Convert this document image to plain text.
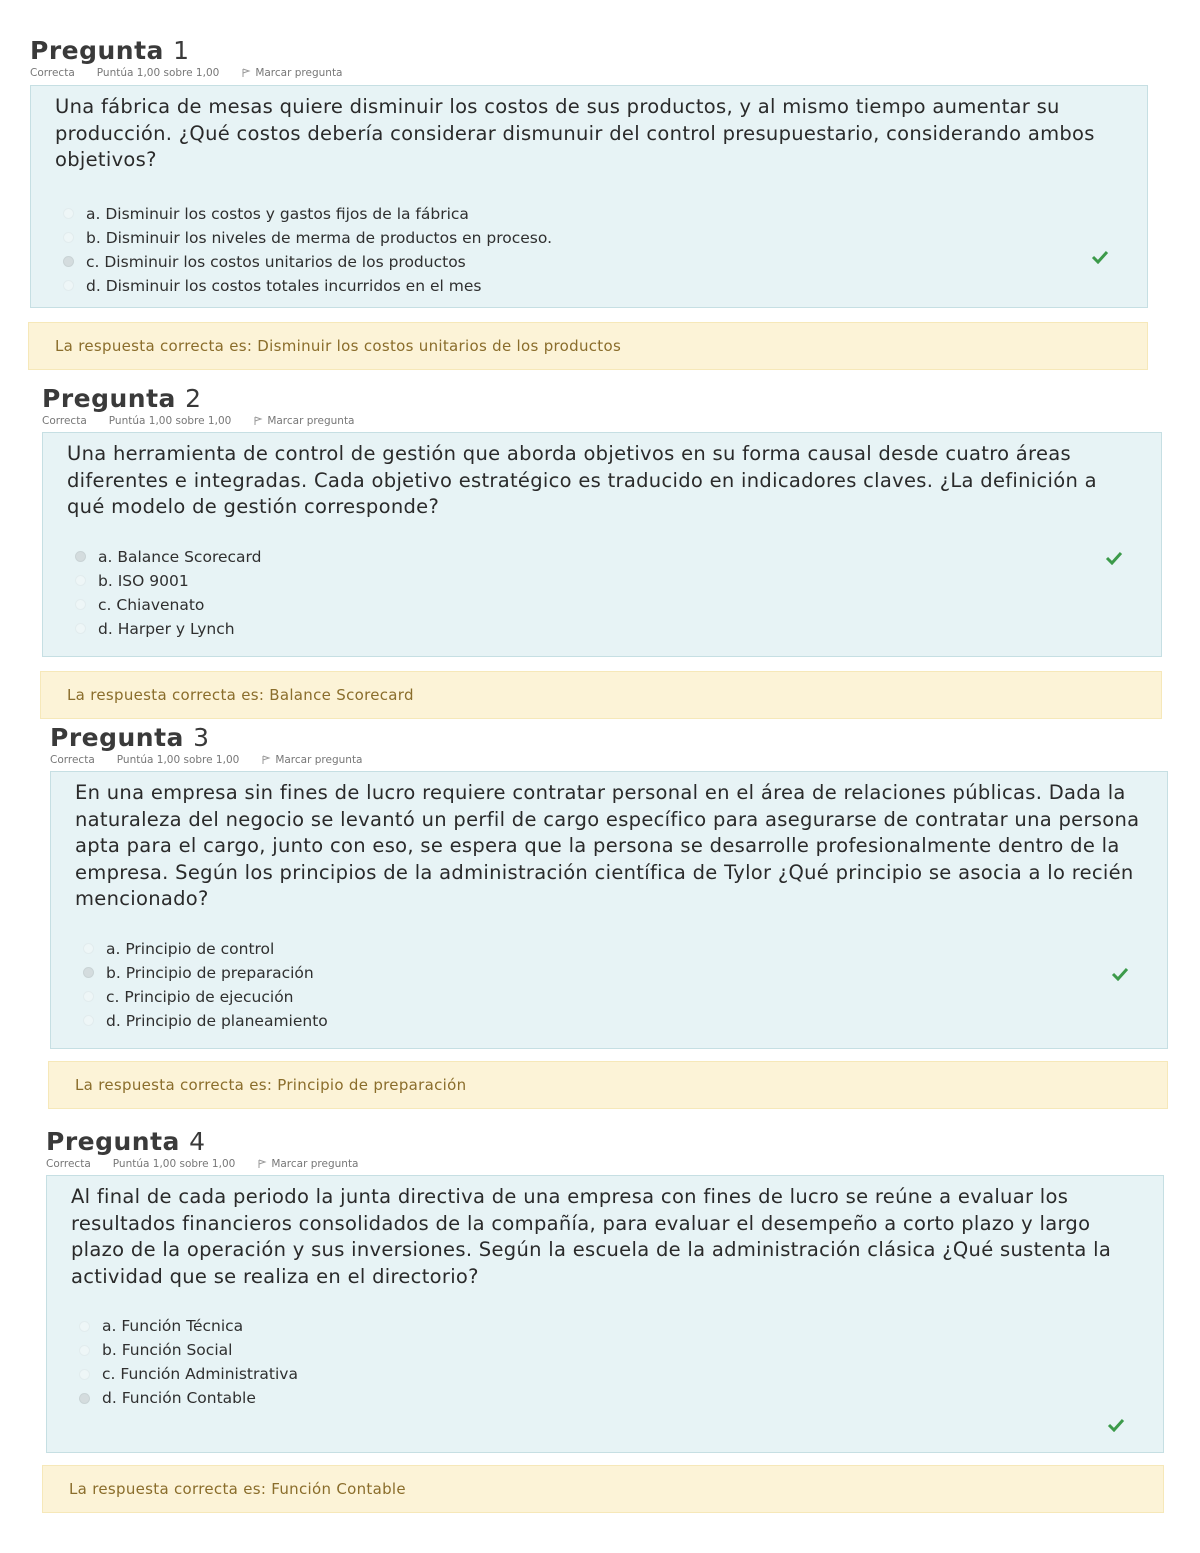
Pregunta 1
Correcta Puntúa 1,00 sobre 1,00	Marcar pregunta
Una fábrica de mesas quiere disminuir los costos de sus productos, y al mismo tiempo aumentar su producción. ¿Qué costos debería considerar dismunuir del control presupuestario, considerando ambos objetivos?
a. Disminuir los costos y gastos fijos de la fábrica
b. Disminuir los niveles de merma de productos en proceso.
c. Disminuir los costos unitarios de los productos
d. Disminuir los costos totales incurridos en el mes
La respuesta correcta es: Disminuir los costos unitarios de los productos
Pregunta 2
Correcta Puntúa 1,00 sobre 1,00	Marcar pregunta
Una herramienta de control de gestión que aborda objetivos en su forma causal desde cuatro áreas diferentes e integradas. Cada objetivo estratégico es traducido en indicadores claves. ¿La definición a qué modelo de gestión corresponde?
a. Balance Scorecard
b. ISO 9001
c. Chiavenato
d. Harper y Lynch
La respuesta correcta es: Balance Scorecard
Pregunta 3
Correcta Puntúa 1,00 sobre 1,00	Marcar pregunta
En una empresa sin fines de lucro requiere contratar personal en el área de relaciones públicas. Dada la naturaleza del negocio se levantó un perfil de cargo específico para asegurarse de contratar una persona apta para el cargo, junto con eso, se espera que la persona se desarrolle profesionalmente dentro de la empresa. Según los principios de la administración científica de Tylor ¿Qué principio se asocia a lo recién mencionado?
a. Principio de control
b. Principio de preparación
c. Principio de ejecución
d. Principio de planeamiento
La respuesta correcta es: Principio de preparación
Pregunta 4
Correcta Puntúa 1,00 sobre 1,00	Marcar pregunta
Al final de cada periodo la junta directiva de una empresa con fines de lucro se reúne a evaluar los resultados financieros consolidados de la compañía, para evaluar el desempeño a corto plazo y largo plazo de la operación y sus inversiones. Según la escuela de la administración clásica ¿Qué sustenta la actividad que se realiza en el directorio?
a. Función Técnica
b. Función Social
c. Función Administrativa
d. Función Contable
La respuesta correcta es: Función Contable
